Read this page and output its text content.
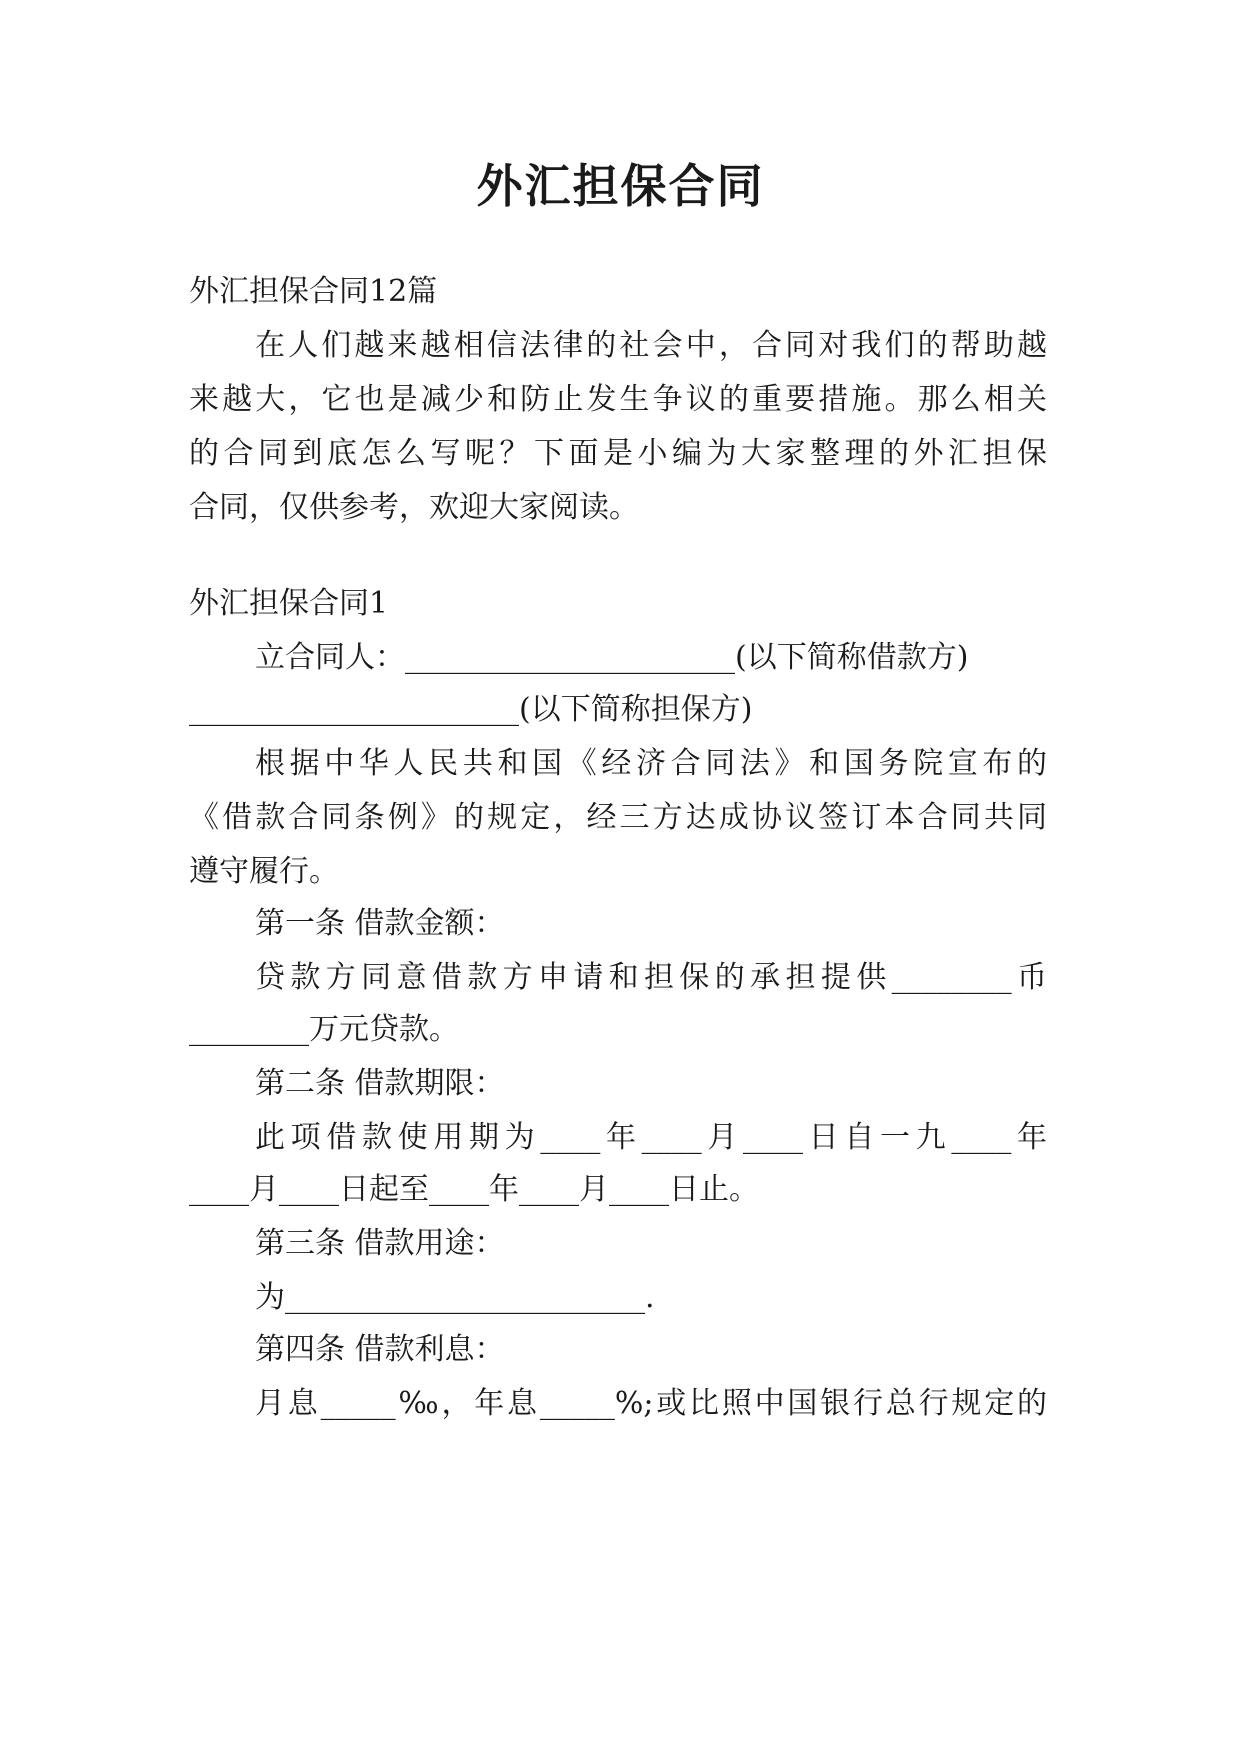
外汇担保合同

外汇担保合同12篇

在人们越来越相信法律的社会中，合同对我们的帮助越

来越大，它也是减少和防止发生争议的重要措施。那么相关

的合同到底怎么写呢？下面是小编为大家整理的外汇担保

合同，仅供参考，欢迎大家阅读。

外汇担保合同1

立合同人：______________________(以下简称借款方)

______________________(以下简称担保方)

根据中华人民共和国《经济合同法》和国务院宣布的

《借款合同条例》的规定，经三方达成协议签订本合同共同

遵守履行。

第一条 借款金额：

贷款方同意借款方申请和担保的承担提供________币

________万元贷款。

第二条 借款期限：

此项借款使用期为____年____月____日自一九____年

____月____日起至____年____月____日止。

第三条 借款用途：

为________________________.

第四条 借款利息：

月息_____‰，年息_____%;或比照中国银行总行规定的
